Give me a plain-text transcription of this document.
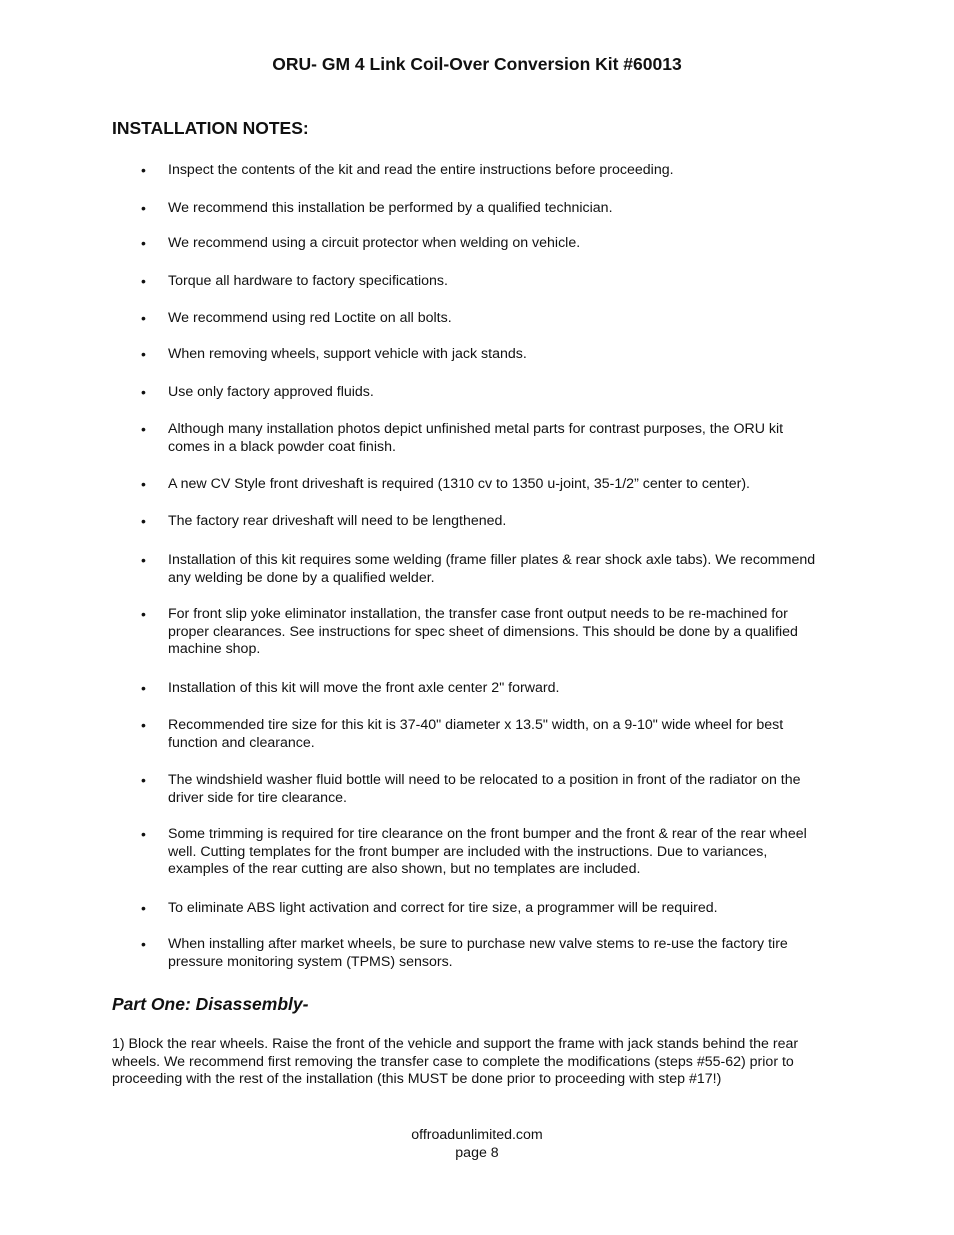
ORU- GM 4 Link Coil-Over Conversion Kit #60013
INSTALLATION NOTES:
• Inspect the contents of the kit and read the entire instructions before proceeding.
• We recommend this installation be performed by a qualified technician.
• We recommend using a circuit protector when welding on vehicle.
• Torque all hardware to factory specifications.
• We recommend using red Loctite on all bolts.
• When removing wheels, support vehicle with jack stands.
• Use only factory approved fluids.
• Although many installation photos depict unfinished metal parts for contrast purposes, the ORU kit comes in a black powder coat finish.
• A new CV Style front driveshaft is required (1310 cv to 1350 u-joint, 35-1/2” center to center).
• The factory rear driveshaft will need to be lengthened.
• Installation of this kit requires some welding (frame filler plates & rear shock axle tabs). We recommend any welding be done by a qualified welder.
• For front slip yoke eliminator installation, the transfer case front output needs to be re-machined for proper clearances. See instructions for spec sheet of dimensions. This should be done by a qualified machine shop.
• Installation of this kit will move the front axle center 2" forward.
• Recommended tire size for this kit is 37-40" diameter x 13.5" width, on a 9-10" wide wheel for best function and clearance.
• The windshield washer fluid bottle will need to be relocated to a position in front of the radiator on the driver side for tire clearance.
• Some trimming is required for tire clearance on the front bumper and the front & rear of the rear wheel well. Cutting templates for the front bumper are included with the instructions. Due to variances, examples of the rear cutting are also shown, but no templates are included.
• To eliminate ABS light activation and correct for tire size, a programmer will be required.
• When installing after market wheels, be sure to purchase new valve stems to re-use the factory tire pressure monitoring system (TPMS) sensors.
Part One: Disassembly-
1) Block the rear wheels. Raise the front of the vehicle and support the frame with jack stands behind the rear wheels. We recommend first removing the transfer case to complete the modifications (steps #55-62) prior to proceeding with the rest of the installation (this MUST be done prior to proceeding with step #17!)
offroadunlimited.com
page 8
